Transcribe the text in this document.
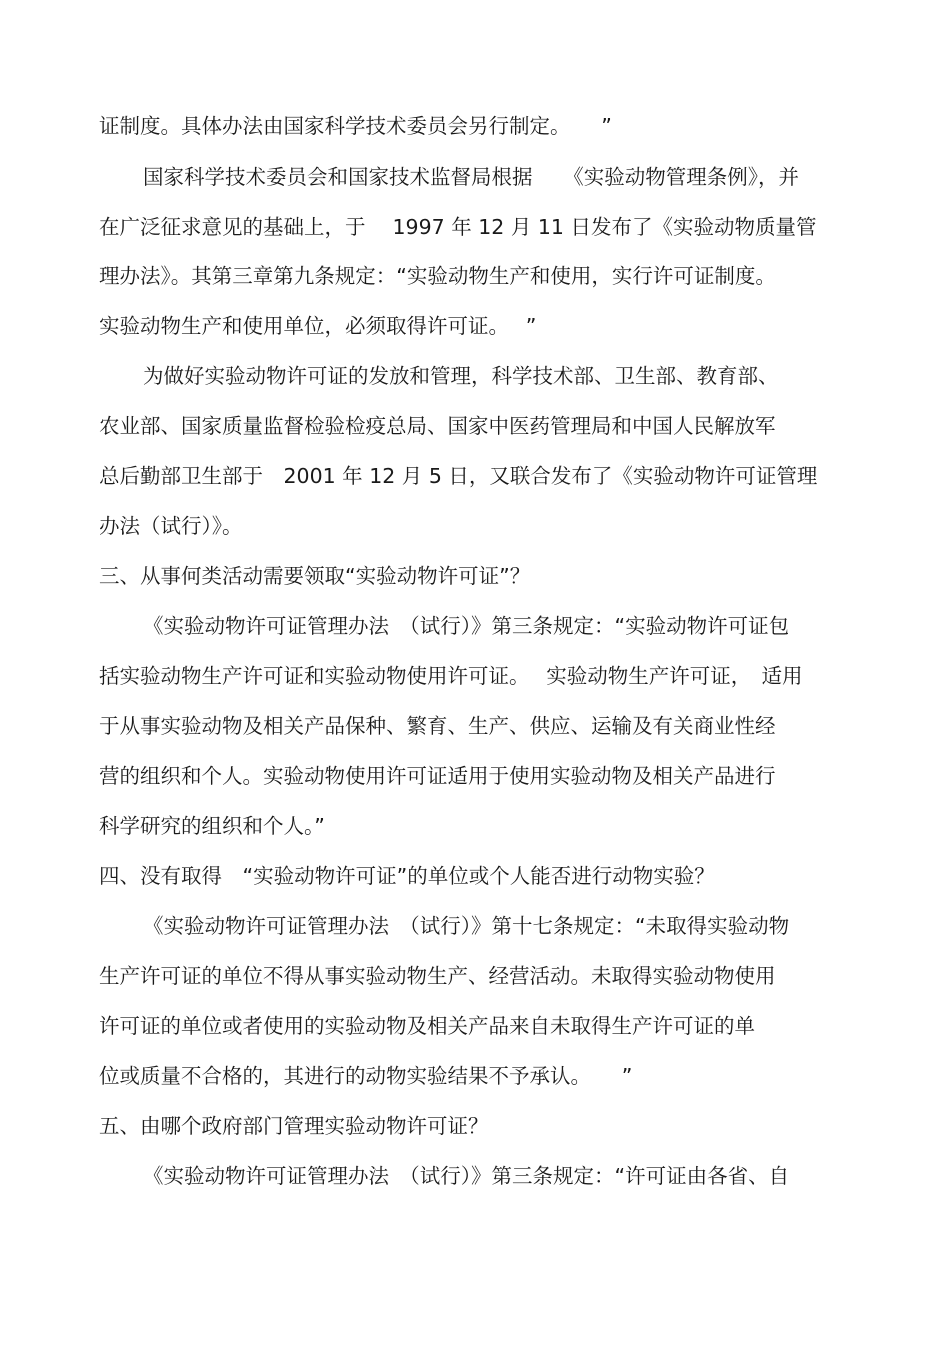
证制度。具体办法由国家科学技术委员会另行制定。　　”
国家科学技术委员会和国家技术监督局根据　　《实验动物管理条例》，并
在广泛征求意见的基础上，于　 1997 年 12 月 11 日发布了《实验动物质量管
理办法》。其第三章第九条规定：“实验动物生产和使用，实行许可证制度。
实验动物生产和使用单位，必须取得许可证。　 ”
为做好实验动物许可证的发放和管理，科学技术部、卫生部、教育部、
农业部、国家质量监督检验检疫总局、国家中医药管理局和中国人民解放军
总后勤部卫生部于　2001 年 12 月 5 日，又联合发布了《实验动物许可证管理
办法（试行）》。
三、从事何类活动需要领取“实验动物许可证”？
《实验动物许可证管理办法　（试行）》第三条规定：“实验动物许可证包
括实验动物生产许可证和实验动物使用许可证。　 实验动物生产许可证，　适用
于从事实验动物及相关产品保种、繁育、生产、供应、运输及有关商业性经
营的组织和个人。实验动物使用许可证适用于使用实验动物及相关产品进行
科学研究的组织和个人。”
四、没有取得　“实验动物许可证”的单位或个人能否进行动物实验？
《实验动物许可证管理办法　（试行）》第十七条规定：“未取得实验动物
生产许可证的单位不得从事实验动物生产、经营活动。未取得实验动物使用
许可证的单位或者使用的实验动物及相关产品来自未取得生产许可证的单
位或质量不合格的，其进行的动物实验结果不予承认。　　”
五、由哪个政府部门管理实验动物许可证？
《实验动物许可证管理办法　（试行）》第三条规定：“许可证由各省、自
